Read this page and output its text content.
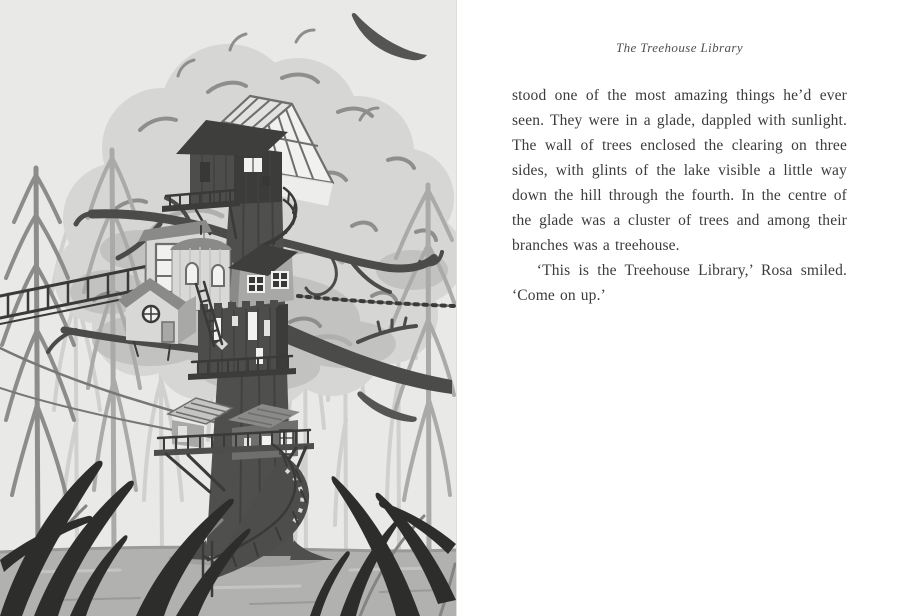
The Treehouse Library

stood one of the most amazing things he’d ever seen. They were in a glade, dappled with sunlight. The wall of trees enclosed the clearing on three sides, with glints of the lake visible a little way down the hill through the fourth. In the centre of the glade was a cluster of trees and among their branches was a treehouse.

‘This is the Treehouse Library,’ Rosa smiled. ‘Come on up.’
